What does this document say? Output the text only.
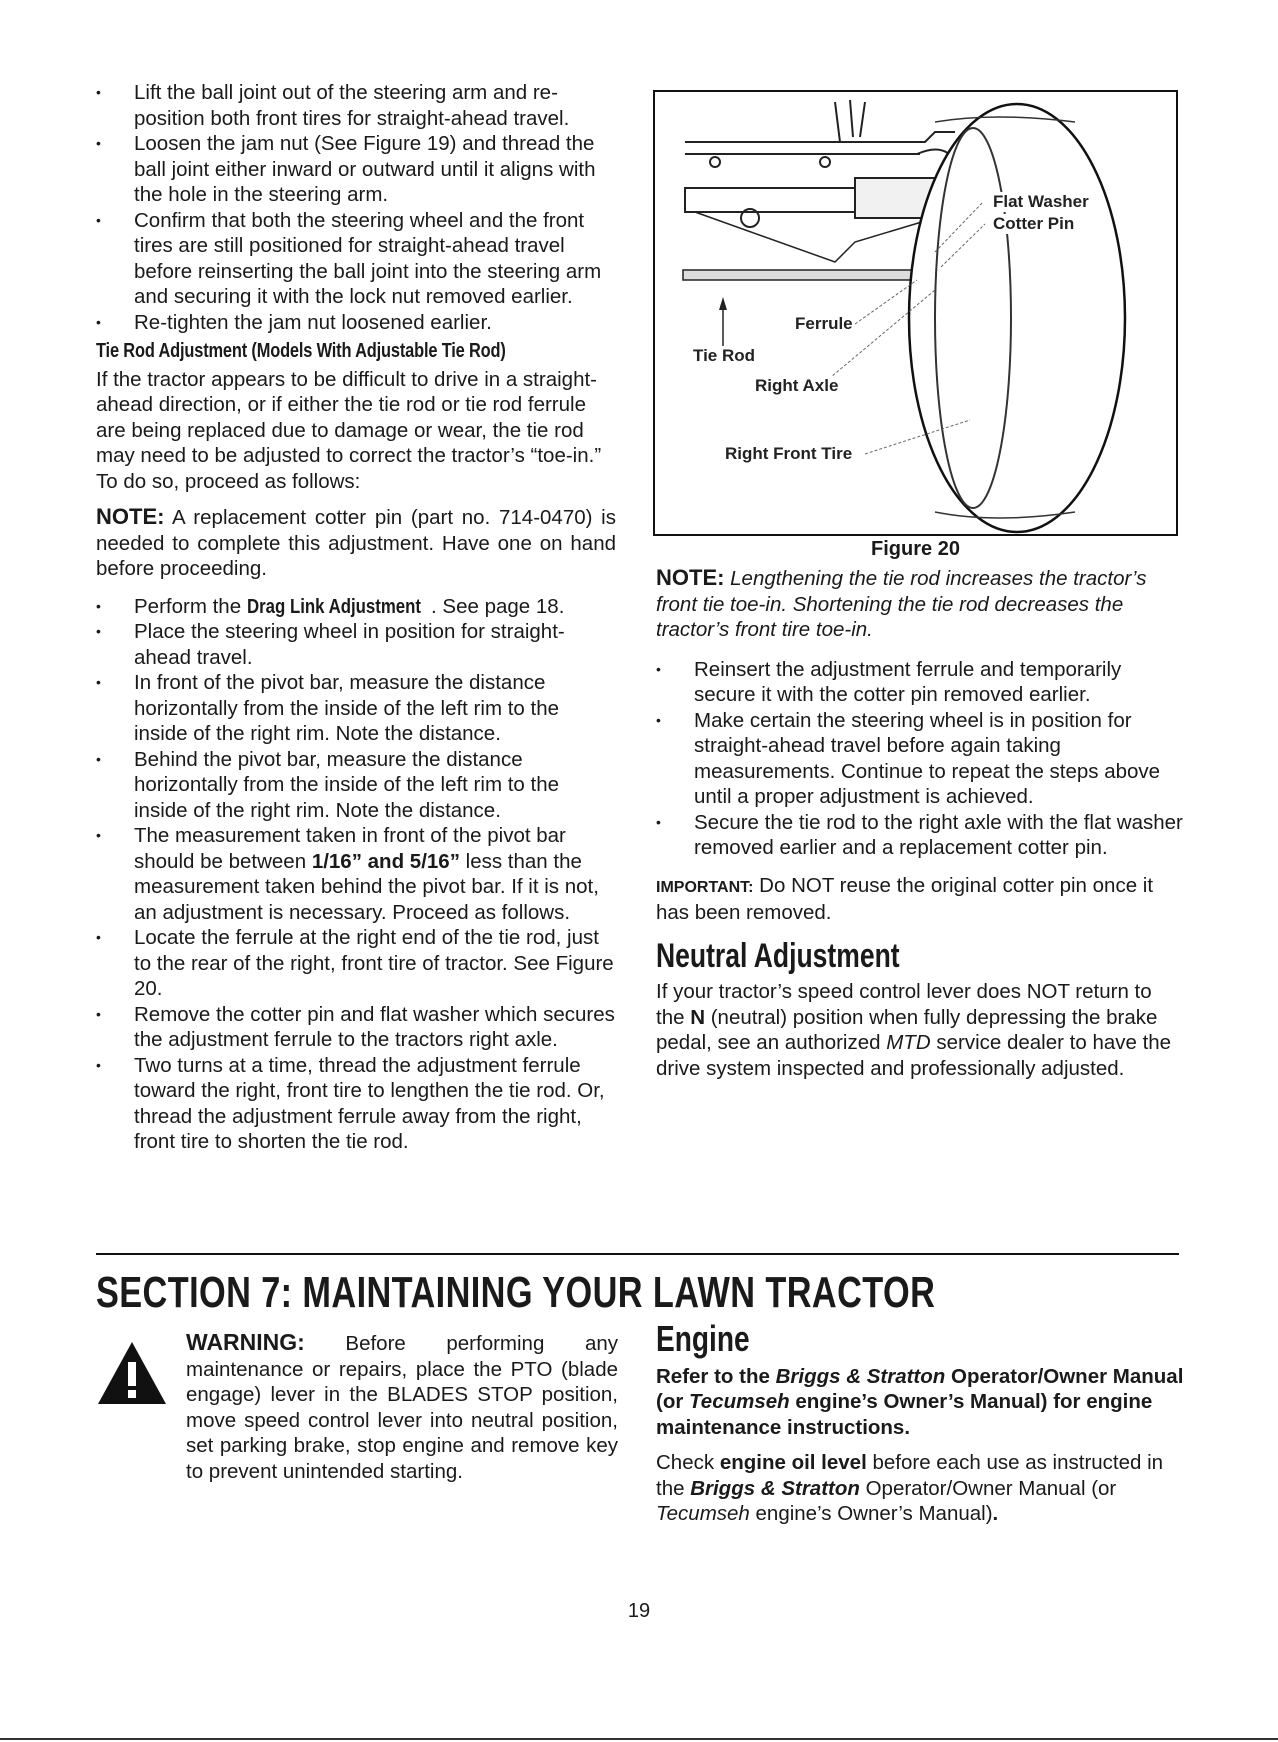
• Lift the ball joint out of the steering arm and re-position both front tires for straight-ahead travel.
• Loosen the jam nut (See Figure 19) and thread the ball joint either inward or outward until it aligns with the hole in the steering arm.
• Confirm that both the steering wheel and the front tires are still positioned for straight-ahead travel before reinserting the ball joint into the steering arm and securing it with the lock nut removed earlier.
• Re-tighten the jam nut loosened earlier.
Tie Rod Adjustment (Models With Adjustable Tie Rod)

If the tractor appears to be difficult to drive in a straight-ahead direction, or if either the tie rod or tie rod ferrule are being replaced due to damage or wear, the tie rod may need to be adjusted to correct the tractor’s “toe-in.” To do so, proceed as follows:

NOTE: A replacement cotter pin (part no. 714-0470) is needed to complete this adjustment. Have one on hand before proceeding.

• Perform the Drag Link Adjustment . See page 18.
• Place the steering wheel in position for straight-ahead travel.
• In front of the pivot bar, measure the distance horizontally from the inside of the left rim to the inside of the right rim. Note the distance.
• Behind the pivot bar, measure the distance horizontally from the inside of the left rim to the inside of the right rim. Note the distance.
• The measurement taken in front of the pivot bar should be between 1/16” and 5/16” less than the measurement taken behind the pivot bar. If it is not, an adjustment is necessary. Proceed as follows.
• Locate the ferrule at the right end of the tie rod, just to the rear of the right, front tire of tractor. See Figure 20.
• Remove the cotter pin and flat washer which secures the adjustment ferrule to the tractors right axle.
• Two turns at a time, thread the adjustment ferrule toward the right, front tire to lengthen the tie rod. Or, thread the adjustment ferrule away from the right, front tire to shorten the tie rod.
Flat Washer
Cotter Pin
Ferrule
Tie Rod
Right Axle
Right Front Tire
Figure 20

NOTE: Lengthening the tie rod increases the tractor’s front tie toe-in. Shortening the tie rod decreases the tractor’s front tire toe-in.

• Reinsert the adjustment ferrule and temporarily secure it with the cotter pin removed earlier.
• Make certain the steering wheel is in position for straight-ahead travel before again taking measurements. Continue to repeat the steps above until a proper adjustment is achieved.
• Secure the tie rod to the right axle with the flat washer removed earlier and a replacement cotter pin.

IMPORTANT: Do NOT reuse the original cotter pin once it has been removed.

Neutral Adjustment

If your tractor’s speed control lever does NOT return to the N (neutral) position when fully depressing the brake pedal, see an authorized MTD service dealer to have the drive system inspected and professionally adjusted.

SECTION 7: MAINTAINING YOUR LAWN TRACTOR
WARNING: Before performing any maintenance or repairs, place the PTO (blade engage) lever in the BLADES STOP position, move speed control lever into neutral position, set parking brake, stop engine and remove key to prevent unintended starting.
Engine

Refer to the Briggs & Stratton Operator/Owner Manual (or Tecumseh engine’s Owner’s Manual) for engine maintenance instructions.

Check engine oil level before each use as instructed in the Briggs & Stratton Operator/Owner Manual (or Tecumseh engine’s Owner’s Manual).

19
